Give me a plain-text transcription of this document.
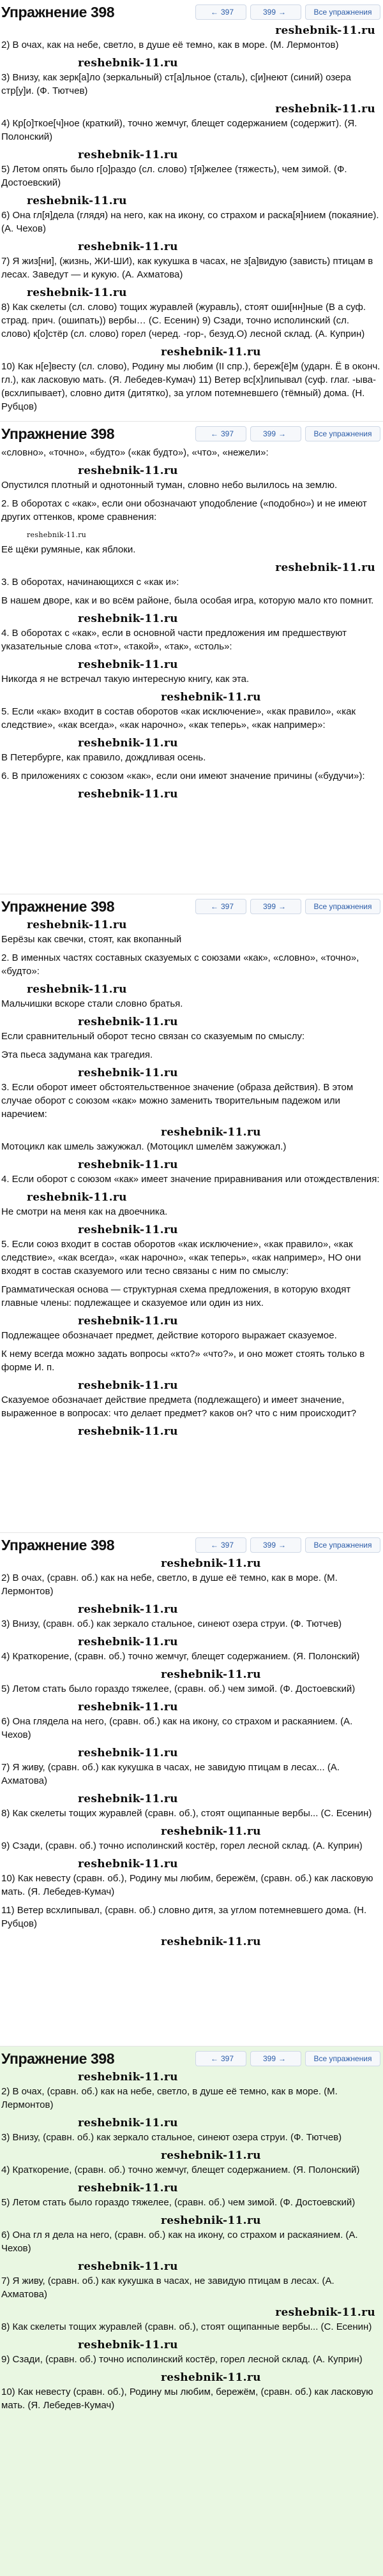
Упражнение 398	← 397	399 →	Все упражнения
reshebnik-11.ru

2) В очах, как на небе, светло, в душе её темно, как в море. (М. Лермонтов)

reshebnik-11.ru

3) Внизу, как зерк[а]ло (зеркальный) ст[а]льное (сталь), с[и]неют (синий) озера стр[у]и. (Ф. Тютчев)

reshebnik-11.ru

4) Кр[о]ткое[ч]ное (краткий), точно жемчуг, блещет содержанием (содержит). (Я. Полонский)

reshebnik-11.ru

5) Летом опять было г[о]раздо (сл. слово) т[я]желее (тяжесть), чем зимой. (Ф. Достоевский)

reshebnik-11.ru

6) Она гл[я]дела (глядя) на него, как на икону, со страхом и раска[я]нием (покаяние). (А. Чехов)

reshebnik-11.ru

7) Я жиз[ни], (жизнь, ЖИ-ШИ), как кукушка в часах, не з[а]видую (зависть) птицам в лесах. Заведут — и кукую. (А. Ахматова)

reshebnik-11.ru

8) Как скелеты (сл. слово) тощих журавлей (журавль), стоят оши[нн]ные (В а суф. страд. прич. (ошипать)) вербы… (С. Есенин) 9) Сзади, точно исполинский (сл. слово) к[о]стёр (сл. слово) горел (черед. -гор-, безуд.О) лесной склад. (А. Куприн)

reshebnik-11.ru

10) Как н[е]весту (сл. слово), Родину мы любим (II спр.), береж[ё]м (ударн. Ё в оконч. гл.), как ласковую мать. (Я. Лебедев-Кумач) 11) Ветер вс[х]липывал (суф. глаг. -ыва- (всхлипывает), словно дитя (дитятко), за углом потемневшего (тёмный) дома. (Н. Рубцов)

Упражнение 398	← 397	399 →	Все упражнения

«словно», «точно», «будто» («как будто»), «что», «нежели»:

reshebnik-11.ru

Опустился плотный и однотонный туман, словно небо вылилось на землю.

2. В оборотах с «как», если они обозначают уподобление («подобно») и не имеют других оттенков, кроме сравнения:

reshebnik-11.ru

Её щёки румяные, как яблоки.

reshebnik-11.ru

3. В оборотах, начинающихся с «как и»:

В нашем дворе, как и во всём районе, была особая игра, которую мало кто помнит.

reshebnik-11.ru

4. В оборотах с «как», если в основной части предложения им предшествуют указательные слова «тот», «такой», «так», «столь»:

reshebnik-11.ru

Никогда я не встречал такую интересную книгу, как эта.

reshebnik-11.ru

5. Если «как» входит в состав оборотов «как исключение», «как правило», «как следствие», «как всегда», «как нарочно», «как теперь», «как например»:

reshebnik-11.ru

В Петербурге, как правило, дождливая осень.

6. В приложениях с союзом «как», если они имеют значение причины («будучи»):

reshebnik-11.ru
Упражнение 398	← 397	399 →	Все упражнения
reshebnik-11.ru

Берёзы как свечки, стоят, как вкопанный

2. В именных частях составных сказуемых с союзами «как», «словно», «точно», «будто»:

reshebnik-11.ru

Мальчишки вскоре стали словно братья.

reshebnik-11.ru

Если сравнительный оборот тесно связан со сказуемым по смыслу:

Эта пьеса задумана как трагедия.

reshebnik-11.ru

3. Если оборот имеет обстоятельственное значение (образа действия). В этом случае оборот с союзом «как» можно заменить творительным падежом или наречием:

reshebnik-11.ru

Мотоцикл как шмель зажужжал. (Мотоцикл шмелём зажужжал.)

reshebnik-11.ru

4. Если оборот с союзом «как» имеет значение приравнивания или отождествления:

reshebnik-11.ru

Не смотри на меня как на двоечника.

reshebnik-11.ru

5. Если союз входит в состав оборотов «как исключение», «как правило», «как следствие», «как всегда», «как нарочно», «как теперь», «как например», НО они входят в состав сказуемого или тесно связаны с ним по смыслу:

Грамматическая основа — структурная схема предложения, в которую входят главные члены: подлежащее и сказуемое или один из них.

reshebnik-11.ru

Подлежащее обозначает предмет, действие которого выражает сказуемое.

К нему всегда можно задать вопросы «кто?» «что?», и оно может стоять только в форме И. п.

reshebnik-11.ru

Сказуемое обозначает действие предмета (подлежащего) и имеет значение, выраженное в вопросах: что делает предмет? каков он? что с ним происходит?

reshebnik-11.ru
Упражнение 398	← 397	399 →	Все упражнения
reshebnik-11.ru

2) В очах, (сравн. об.) как на небе, светло, в душе её темно, как в море. (М. Лермонтов)

reshebnik-11.ru

3) Внизу, (сравн. об.) как зеркало стальное, синеют озера струи. (Ф. Тютчев)

reshebnik-11.ru

4) Краткорение, (сравн. об.) точно жемчуг, блещет содержанием. (Я. Полонский)

reshebnik-11.ru

5) Летом стать было гораздо тяжелее, (сравн. об.) чем зимой. (Ф. Достоевский)

reshebnik-11.ru

6) Она глядела на него, (сравн. об.) как на икону, со страхом и раскаянием. (А. Чехов)

reshebnik-11.ru

7) Я живу, (сравн. об.) как кукушка в часах, не завидую птицам в лесах... (А. Ахматова)

reshebnik-11.ru

8) Как скелеты тощих журавлей (сравн. об.), стоят ощипанные вербы... (С. Есенин)

reshebnik-11.ru

9) Сзади, (сравн. об.) точно исполинский костёр, горел лесной склад. (А. Куприн)

reshebnik-11.ru

10) Как невесту (сравн. об.), Родину мы любим, бережём, (сравн. об.) как ласковую мать. (Я. Лебедев-Кумач)

11) Ветер всхлипывал, (сравн. об.) словно дитя, за углом потемневшего дома. (Н. Рубцов)

reshebnik-11.ru
Упражнение 398	← 397	399 →	Все упражнения
reshebnik-11.ru

2) В очах, (сравн. об.) как на небе, светло, в душе её темно, как в море. (М. Лермонтов)

reshebnik-11.ru

3) Внизу, (сравн. об.) как зеркало стальное, синеют озера струи. (Ф. Тютчев)

reshebnik-11.ru

4) Краткорение, (сравн. об.) точно жемчуг, блещет содержанием. (Я. Полонский)

reshebnik-11.ru

5) Летом стать было гораздо тяжелее, (сравн. об.) чем зимой. (Ф. Достоевский)

reshebnik-11.ru

6) Она гл я дела на него, (сравн. об.) как на икону, со страхом и раскаянием. (А. Чехов)

reshebnik-11.ru

7) Я живу, (сравн. об.) как кукушка в часах, не завидую птицам в лесах. (А. Ахматова)

reshebnik-11.ru

8) Как скелеты тощих журавлей (сравн. об.), стоят ощипанные вербы... (С. Есенин)

reshebnik-11.ru

9) Сзади, (сравн. об.) точно исполинский костёр, горел лесной склад. (А. Куприн)

reshebnik-11.ru

10) Как невесту (сравн. об.), Родину мы любим, бережём, (сравн. об.) как ласковую мать. (Я. Лебедев-Кумач)
